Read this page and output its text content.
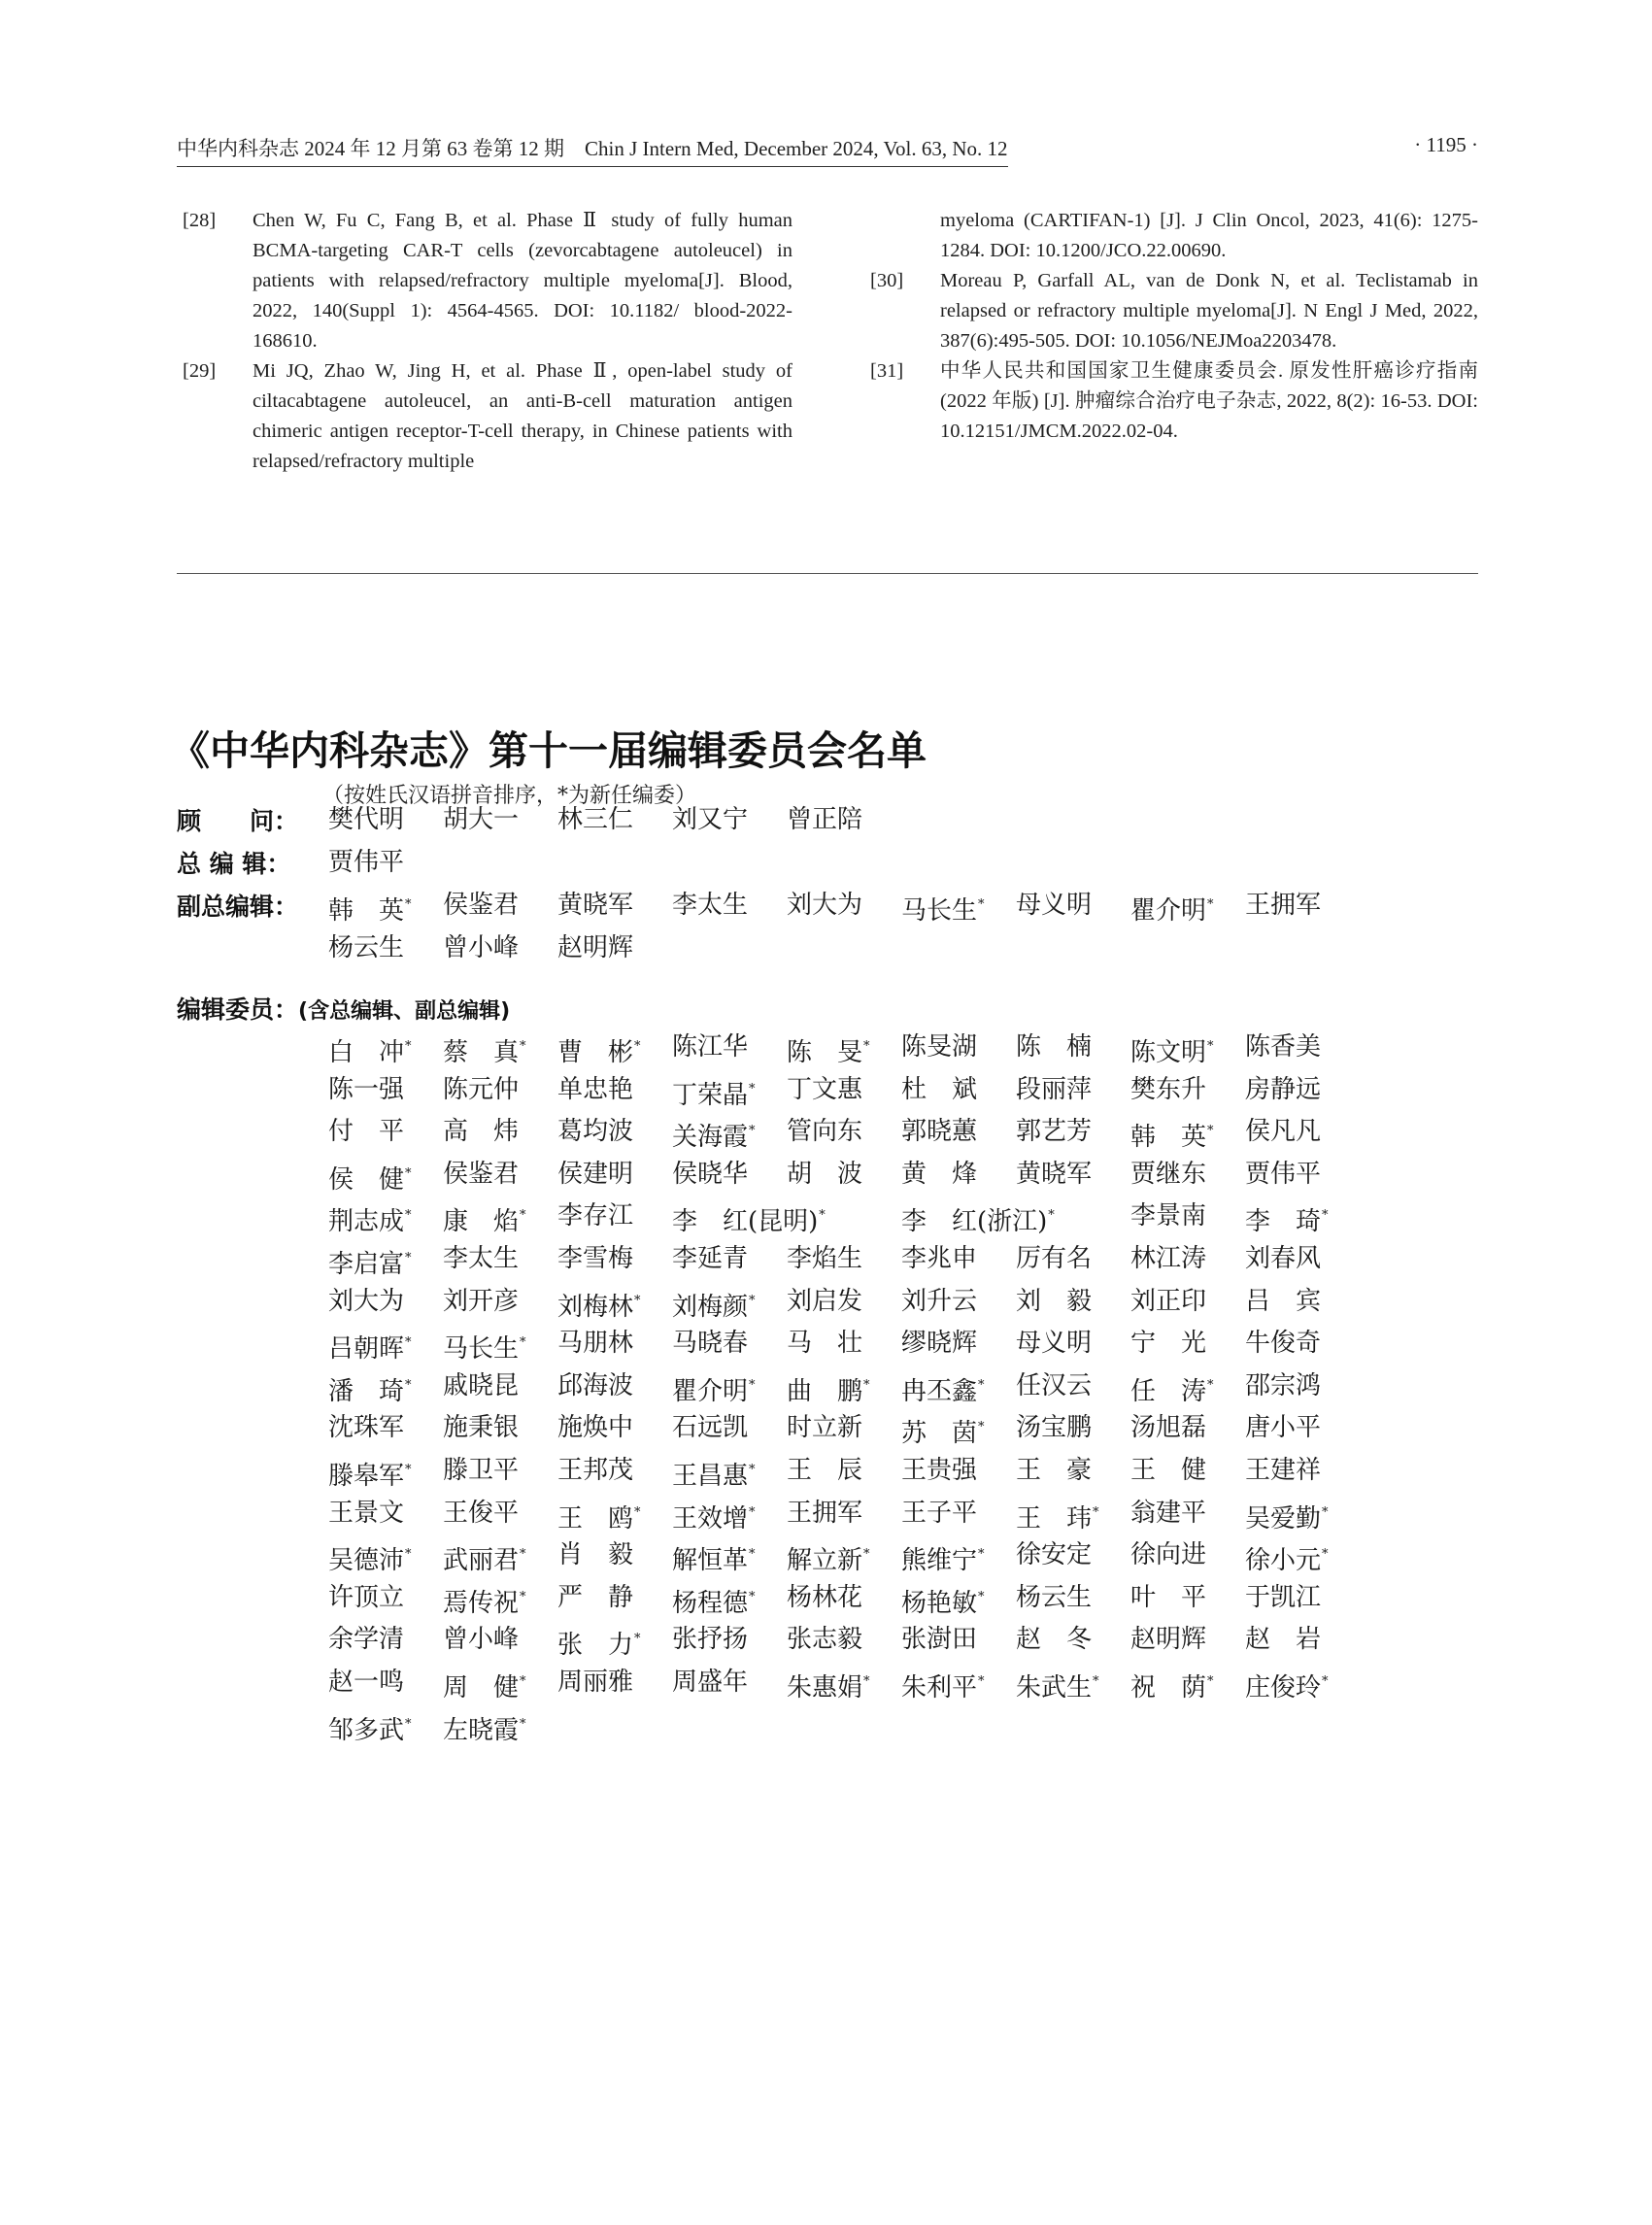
中华内科杂志 2024 年 12 月第 63 卷第 12 期　Chin J Intern Med, December 2024, Vol. 63, No. 12	· 1195 ·
[28]	Chen W, Fu C, Fang B, et al. Phase Ⅱ study of fully human BCMA-targeting CAR-T cells (zevorcabtagene autoleucel) in patients with relapsed/refractory multiple myeloma[J]. Blood, 2022, 140(Suppl 1): 4564-4565. DOI: 10.1182/ blood-2022-168610.
[29]	Mi JQ, Zhao W, Jing H, et al. Phase Ⅱ, open-label study of ciltacabtagene autoleucel, an anti-B-cell maturation antigen chimeric antigen receptor-T-cell therapy, in Chinese patients with relapsed/refractory multiple
myeloma (CARTIFAN-1) [J]. J Clin Oncol, 2023, 41(6): 1275-1284. DOI: 10.1200/JCO.22.00690.
[30]	Moreau P, Garfall AL, van de Donk N, et al. Teclistamab in relapsed or refractory multiple myeloma[J]. N Engl J Med, 2022, 387(6):495-505. DOI: 10.1056/NEJMoa2203478.
[31]	中华人民共和国国家卫生健康委员会. 原发性肝癌诊疗指南(2022 年版) [J]. 肿瘤综合治疗电子杂志, 2022, 8(2): 16-53. DOI: 10.12151/JMCM.2022.02-04.
《中华内科杂志》第十一届编辑委员会名单
（按姓氏汉语拼音排序，*为新任编委）
顾　　问： 樊代明	胡大一	林三仁	刘又宁	曾正陪
总 编 辑： 贾伟平
副总编辑： 韩　英*	侯鉴君	黄晓军	李太生	刘大为	马长生*	母义明	瞿介明*	王拥军
杨云生	曾小峰	赵明辉
编辑委员：(含总编辑、副总编辑)
白　冲*	蔡　真*	曹　彬*	陈江华	陈　旻*	陈旻湖	陈　楠	陈文明*	陈香美
陈一强	陈元仲	单忠艳	丁荣晶*	丁文惠	杜　斌	段丽萍	樊东升	房静远
付　平	高　炜	葛均波	关海霞*	管向东	郭晓蕙	郭艺芳	韩　英*	侯凡凡
侯　健*	侯鉴君	侯建明	侯晓华	胡　波	黄　烽	黄晓军	贾继东	贾伟平
荆志成*	康　焰*	李存江	李　红(昆明)*	李　红(浙江)*	李景南	李　琦*
李启富*	李太生	李雪梅	李延青	李焰生	李兆申	厉有名	林江涛	刘春风
刘大为	刘开彦	刘梅林*	刘梅颜*	刘启发	刘升云	刘　毅	刘正印	吕　宾
吕朝晖*	马长生*	马朋林	马晓春	马　壮	缪晓辉	母义明	宁　光	牛俊奇
潘　琦*	戚晓昆	邱海波	瞿介明*	曲　鹏*	冉丕鑫*	任汉云	任　涛*	邵宗鸿
沈珠军	施秉银	施焕中	石远凯	时立新	苏　茵*	汤宝鹏	汤旭磊	唐小平
滕皋军*	滕卫平	王邦茂	王昌惠*	王　辰	王贵强	王　豪	王　健	王建祥
王景文	王俊平	王　鸥*	王效增*	王拥军	王子平	王　玮*	翁建平	吴爱勤*
吴德沛*	武丽君*	肖　毅	解恒革*	解立新*	熊维宁*	徐安定	徐向进	徐小元*
许顶立	焉传祝*	严　静	杨程德*	杨林花	杨艳敏*	杨云生	叶　平	于凯江
余学清	曾小峰	张　力*	张抒扬	张志毅	张澍田	赵　冬	赵明辉	赵　岩
赵一鸣	周　健*	周丽雅	周盛年	朱惠娟*	朱利平*	朱武生*	祝　荫*	庄俊玲*
邹多武*	左晓霞*
